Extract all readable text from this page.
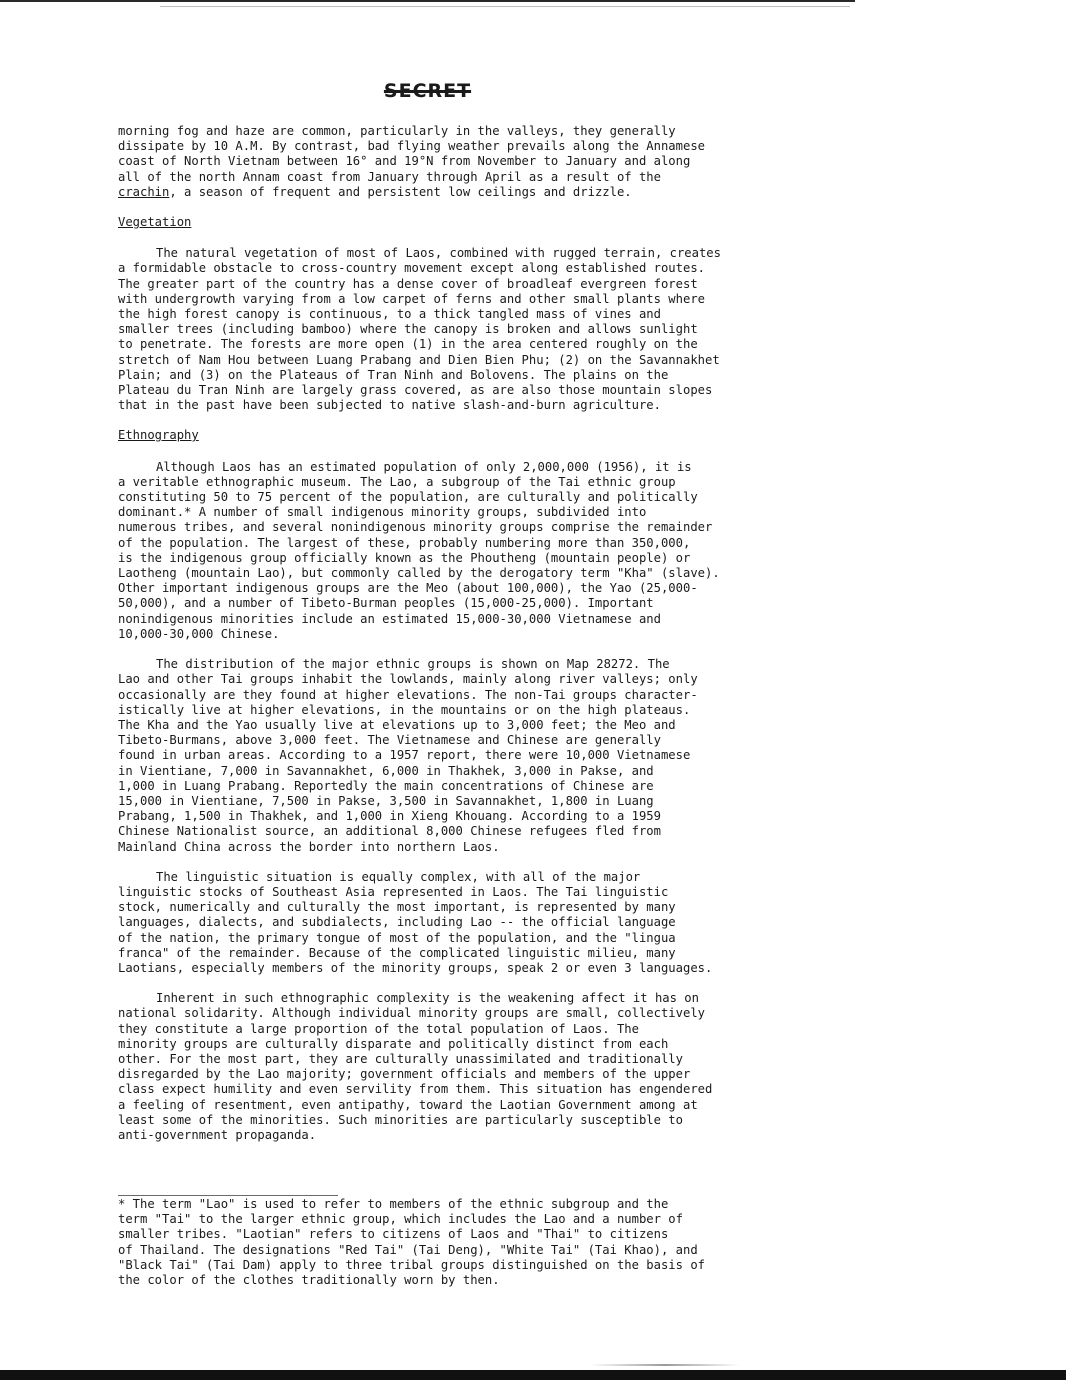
SECRET

morning fog and haze are common, particularly in the valleys, they generally
dissipate by 10 A.M. By contrast, bad flying weather prevails along the Annamese
coast of North Vietnam between 16° and 19°N from November to January and along
all of the north Annam coast from January through April as a result of the
crachin, a season of frequent and persistent low ceilings and drizzle.

Vegetation

The natural vegetation of most of Laos, combined with rugged terrain, creates
a formidable obstacle to cross-country movement except along established routes.
The greater part of the country has a dense cover of broadleaf evergreen forest
with undergrowth varying from a low carpet of ferns and other small plants where
the high forest canopy is continuous, to a thick tangled mass of vines and
smaller trees (including bamboo) where the canopy is broken and allows sunlight
to penetrate. The forests are more open (1) in the area centered roughly on the
stretch of Nam Hou between Luang Prabang and Dien Bien Phu; (2) on the Savannakhet
Plain; and (3) on the Plateaus of Tran Ninh and Bolovens. The plains on the
Plateau du Tran Ninh are largely grass covered, as are also those mountain slopes
that in the past have been subjected to native slash-and-burn agriculture.

Ethnography

Although Laos has an estimated population of only 2,000,000 (1956), it is
a veritable ethnographic museum. The Lao, a subgroup of the Tai ethnic group
constituting 50 to 75 percent of the population, are culturally and politically
dominant.* A number of small indigenous minority groups, subdivided into
numerous tribes, and several nonindigenous minority groups comprise the remainder
of the population. The largest of these, probably numbering more than 350,000,
is the indigenous group officially known as the Phoutheng (mountain people) or
Laotheng (mountain Lao), but commonly called by the derogatory term "Kha" (slave).
Other important indigenous groups are the Meo (about 100,000), the Yao (25,000-
50,000), and a number of Tibeto-Burman peoples (15,000-25,000). Important
nonindigenous minorities include an estimated 15,000-30,000 Vietnamese and
10,000-30,000 Chinese.

The distribution of the major ethnic groups is shown on Map 28272. The
Lao and other Tai groups inhabit the lowlands, mainly along river valleys; only
occasionally are they found at higher elevations. The non-Tai groups character-
istically live at higher elevations, in the mountains or on the high plateaus.
The Kha and the Yao usually live at elevations up to 3,000 feet; the Meo and
Tibeto-Burmans, above 3,000 feet. The Vietnamese and Chinese are generally
found in urban areas. According to a 1957 report, there were 10,000 Vietnamese
in Vientiane, 7,000 in Savannakhet, 6,000 in Thakhek, 3,000 in Pakse, and
1,000 in Luang Prabang. Reportedly the main concentrations of Chinese are
15,000 in Vientiane, 7,500 in Pakse, 3,500 in Savannakhet, 1,800 in Luang
Prabang, 1,500 in Thakhek, and 1,000 in Xieng Khouang. According to a 1959
Chinese Nationalist source, an additional 8,000 Chinese refugees fled from
Mainland China across the border into northern Laos.

The linguistic situation is equally complex, with all of the major
linguistic stocks of Southeast Asia represented in Laos. The Tai linguistic
stock, numerically and culturally the most important, is represented by many
languages, dialects, and subdialects, including Lao -- the official language
of the nation, the primary tongue of most of the population, and the "lingua
franca" of the remainder. Because of the complicated linguistic milieu, many
Laotians, especially members of the minority groups, speak 2 or even 3 languages.

Inherent in such ethnographic complexity is the weakening affect it has on
national solidarity. Although individual minority groups are small, collectively
they constitute a large proportion of the total population of Laos. The
minority groups are culturally disparate and politically distinct from each
other. For the most part, they are culturally unassimilated and traditionally
disregarded by the Lao majority; government officials and members of the upper
class expect humility and even servility from them. This situation has engendered
a feeling of resentment, even antipathy, toward the Laotian Government among at
least some of the minorities. Such minorities are particularly susceptible to
anti-government propaganda.

* The term "Lao" is used to refer to members of the ethnic subgroup and the
term "Tai" to the larger ethnic group, which includes the Lao and a number of
smaller tribes. "Laotian" refers to citizens of Laos and "Thai" to citizens
of Thailand. The designations "Red Tai" (Tai Deng), "White Tai" (Tai Khao), and
"Black Tai" (Tai Dam) apply to three tribal groups distinguished on the basis of
the color of the clothes traditionally worn by then.
